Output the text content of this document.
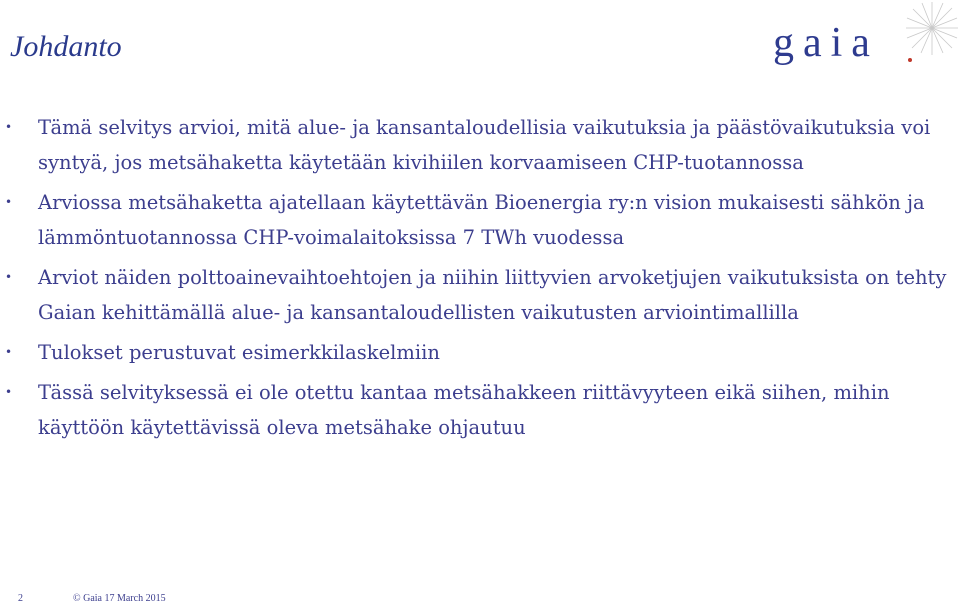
Johdanto	gaia
• Tämä selvitys arvioi, mitä alue- ja kansantaloudellisia vaikutuksia ja päästövaikutuksia voi syntyä, jos metsähaketta käytetään kivihiilen korvaamiseen CHP-tuotannossa
• Arviossa metsähaketta ajatellaan käytettävän Bioenergia ry:n vision mukaisesti sähkön ja lämmöntuotannossa CHP-voimalaitoksissa 7 TWh vuodessa
• Arviot näiden polttoainevaihtoehtojen ja niihin liittyvien arvoketjujen vaikutuksista on tehty Gaian kehittämällä alue- ja kansantaloudellisten vaikutusten arviointimallilla
• Tulokset perustuvat esimerkkilaskelmiin
• Tässä selvityksessä ei ole otettu kantaa metsähakkeen riittävyyteen eikä siihen, mihin käyttöön käytettävissä oleva metsähake ohjautuu
2	© Gaia 17 March 2015
